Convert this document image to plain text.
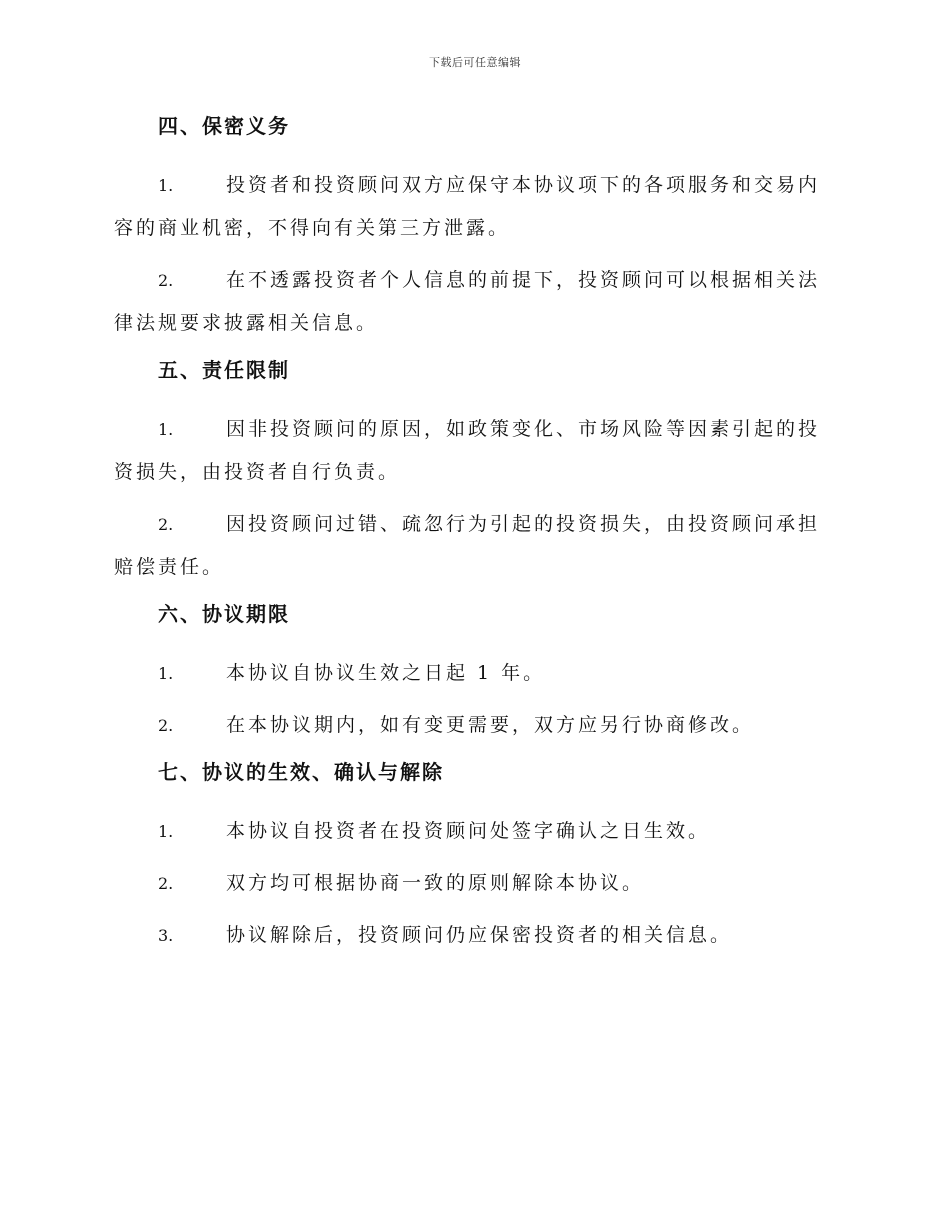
下载后可任意编辑
四、保密义务
1.	投资者和投资顾问双方应保守本协议项下的各项服务和交易内容的商业机密，不得向有关第三方泄露。
2.	在不透露投资者个人信息的前提下，投资顾问可以根据相关法律法规要求披露相关信息。
五、责任限制
1.	因非投资顾问的原因，如政策变化、市场风险等因素引起的投资损失，由投资者自行负责。
2.	因投资顾问过错、疏忽行为引起的投资损失，由投资顾问承担赔偿责任。
六、协议期限
1.	本协议自协议生效之日起 1 年。
2.	在本协议期内，如有变更需要，双方应另行协商修改。
七、协议的生效、确认与解除
1.	本协议自投资者在投资顾问处签字确认之日生效。
2.	双方均可根据协商一致的原则解除本协议。
3.	协议解除后，投资顾问仍应保密投资者的相关信息。
